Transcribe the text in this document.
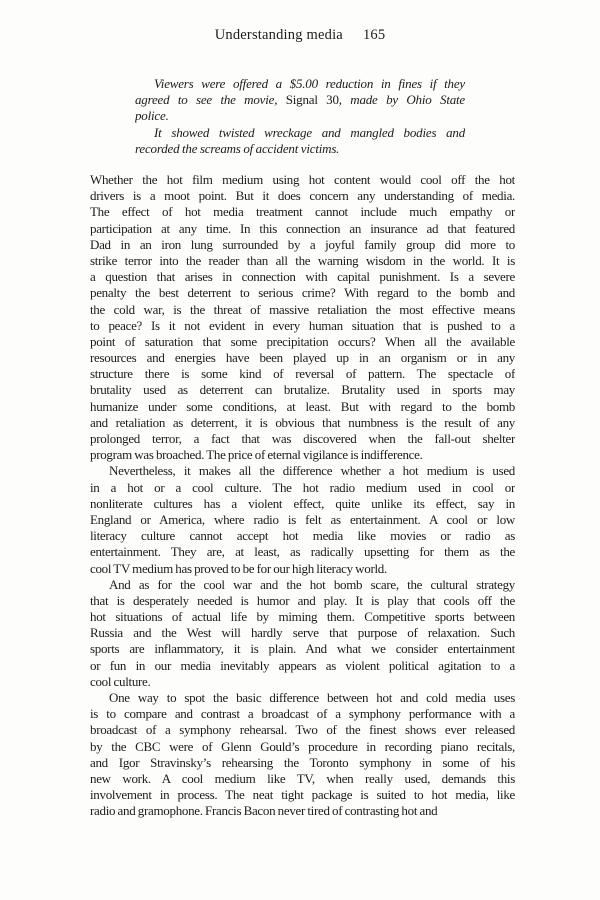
Understanding media 165
Viewers were offered a $5.00 reduction in fines if they
agreed to see the movie, Signal 30, made by Ohio State
police.
It showed twisted wreckage and mangled bodies and
recorded the screams of accident victims.
Whether the hot film medium using hot content would cool off the hot
drivers is a moot point. But it does concern any understanding of media.
The effect of hot media treatment cannot include much empathy or
participation at any time. In this connection an insurance ad that featured
Dad in an iron lung surrounded by a joyful family group did more to
strike terror into the reader than all the warning wisdom in the world. It is
a question that arises in connection with capital punishment. Is a severe
penalty the best deterrent to serious crime? With regard to the bomb and
the cold war, is the threat of massive retaliation the most effective means
to peace? Is it not evident in every human situation that is pushed to a
point of saturation that some precipitation occurs? When all the available
resources and energies have been played up in an organism or in any
structure there is some kind of reversal of pattern. The spectacle of
brutality used as deterrent can brutalize. Brutality used in sports may
humanize under some conditions, at least. But with regard to the bomb
and retaliation as deterrent, it is obvious that numbness is the result of any
prolonged terror, a fact that was discovered when the fall-out shelter
program was broached. The price of eternal vigilance is indifference.
Nevertheless, it makes all the difference whether a hot medium is used
in a hot or a cool culture. The hot radio medium used in cool or
nonliterate cultures has a violent effect, quite unlike its effect, say in
England or America, where radio is felt as entertainment. A cool or low
literacy culture cannot accept hot media like movies or radio as
entertainment. They are, at least, as radically upsetting for them as the
cool TV medium has proved to be for our high literacy world.
And as for the cool war and the hot bomb scare, the cultural strategy
that is desperately needed is humor and play. It is play that cools off the
hot situations of actual life by miming them. Competitive sports between
Russia and the West will hardly serve that purpose of relaxation. Such
sports are inflammatory, it is plain. And what we consider entertainment
or fun in our media inevitably appears as violent political agitation to a
cool culture.
One way to spot the basic difference between hot and cold media uses
is to compare and contrast a broadcast of a symphony performance with a
broadcast of a symphony rehearsal. Two of the finest shows ever released
by the CBC were of Glenn Gould’s procedure in recording piano recitals,
and Igor Stravinsky’s rehearsing the Toronto symphony in some of his
new work. A cool medium like TV, when really used, demands this
involvement in process. The neat tight package is suited to hot media, like
radio and gramophone. Francis Bacon never tired of contrasting hot and
